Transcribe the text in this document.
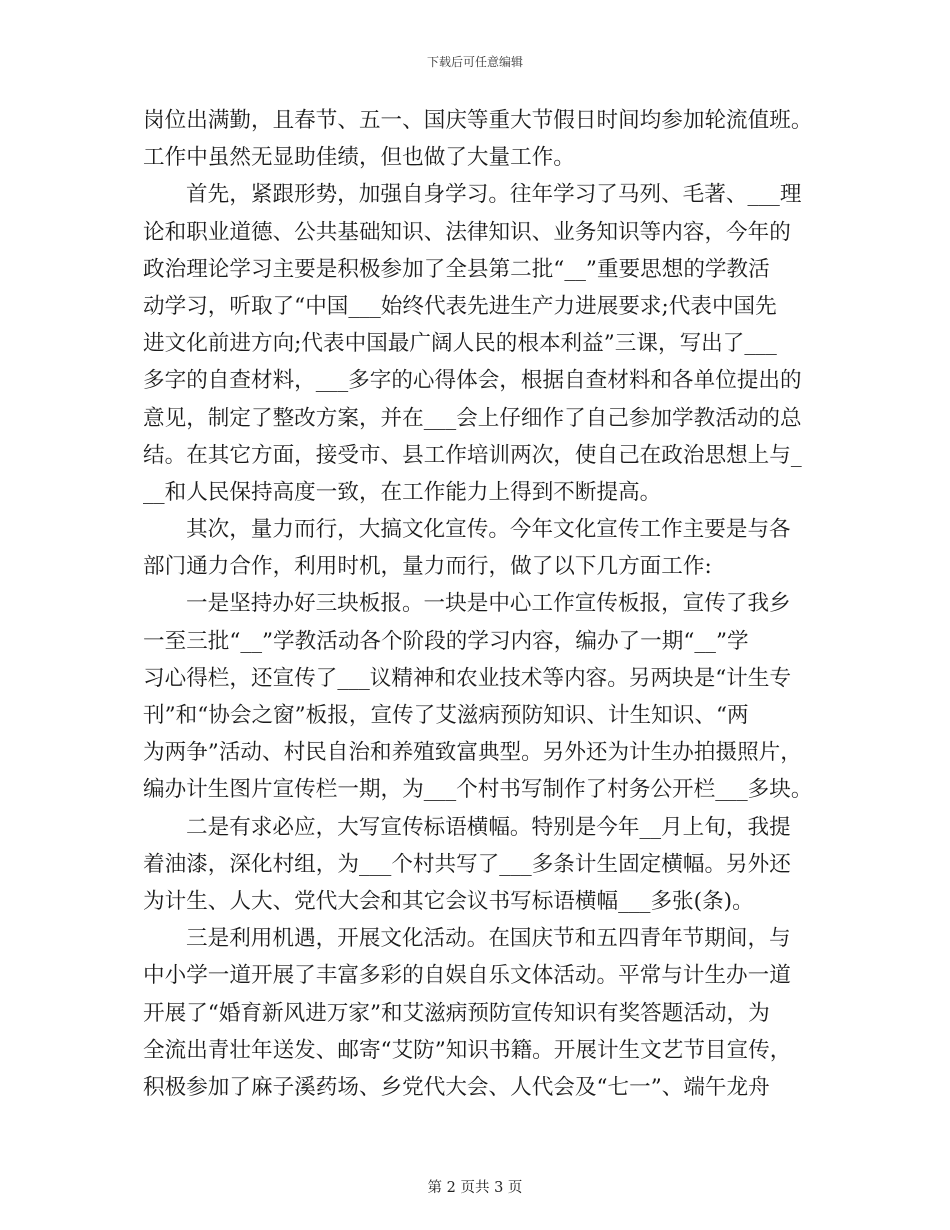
下载后可任意编辑
岗位出满勤，且春节、五一、国庆等重大节假日时间均参加轮流值班。
工作中虽然无显助佳绩，但也做了大量工作。
首先，紧跟形势，加强自身学习。往年学习了马列、毛著、___理
论和职业道德、公共基础知识、法律知识、业务知识等内容，今年的
政治理论学习主要是积极参加了全县第二批“__”重要思想的学教活
动学习，听取了“中国___始终代表先进生产力进展要求;代表中国先
进文化前进方向;代表中国最广阔人民的根本利益”三课，写出了___
多字的自查材料，___多字的心得体会，根据自查材料和各单位提出的
意见，制定了整改方案，并在___会上仔细作了自己参加学教活动的总
结。在其它方面，接受市、县工作培训两次，使自己在政治思想上与_
__和人民保持高度一致，在工作能力上得到不断提高。
其次，量力而行，大搞文化宣传。今年文化宣传工作主要是与各
部门通力合作，利用时机，量力而行，做了以下几方面工作:
一是坚持办好三块板报。一块是中心工作宣传板报，宣传了我乡
一至三批“__”学教活动各个阶段的学习内容，编办了一期“__”学
习心得栏，还宣传了___议精神和农业技术等内容。另两块是“计生专
刊”和“协会之窗”板报，宣传了艾滋病预防知识、计生知识、“两
为两争”活动、村民自治和养殖致富典型。另外还为计生办拍摄照片，
编办计生图片宣传栏一期，为___个村书写制作了村务公开栏___多块。
二是有求必应，大写宣传标语横幅。特别是今年__月上旬，我提
着油漆，深化村组，为___个村共写了___多条计生固定横幅。另外还
为计生、人大、党代大会和其它会议书写标语横幅___多张(条)。
三是利用机遇，开展文化活动。在国庆节和五四青年节期间，与
中小学一道开展了丰富多彩的自娱自乐文体活动。平常与计生办一道
开展了“婚育新风进万家”和艾滋病预防宣传知识有奖答题活动，为
全流出青壮年送发、邮寄“艾防”知识书籍。开展计生文艺节目宣传，
积极参加了麻子溪药场、乡党代大会、人代会及“七一”、端午龙舟
第 2 页共 3 页
